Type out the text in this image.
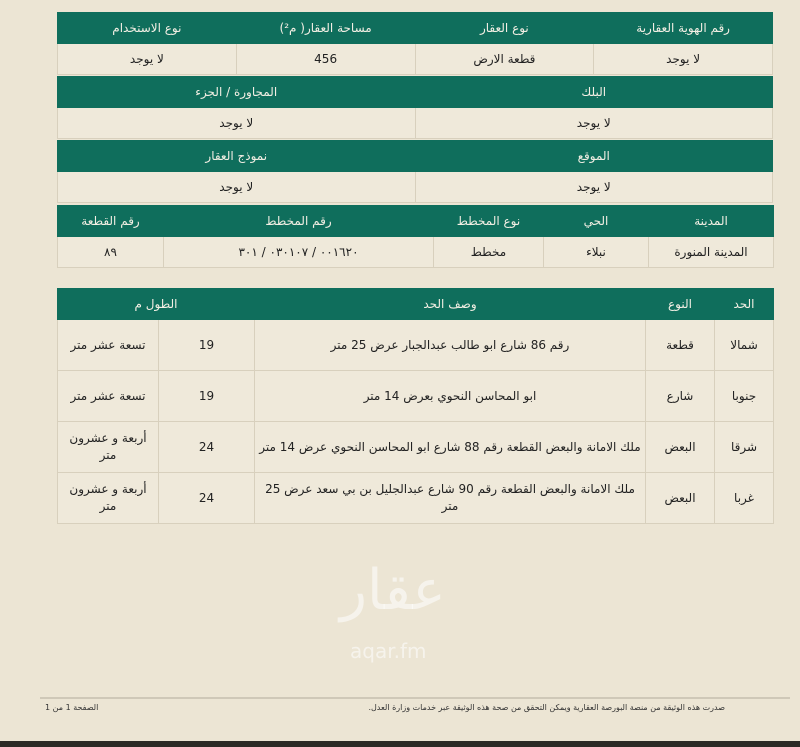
رقم الهوية العقارية	نوع العقار	مساحة العقار( م²)	نوع الاستخدام
لا يوجد	قطعة الارض	456	لا يوجد
البلك	المجاورة / الجزء
لا يوجد	لا يوجد
الموقع	نموذج العقار
لا يوجد	لا يوجد
المدينة	الحي	نوع المخطط	رقم المخطط	رقم القطعة
المدينة المنورة	نبلاء	مخطط	٠٠١٦٢٠ / ٠٣٠١٠٧ / ٣٠١	٨٩
الحد	النوع	وصف الحد	الطول م	
شمالا	قطعة	رقم 86 شارع ابو طالب عبدالجبار عرض 25 متر	19	تسعة عشر متر
جنوبا	شارع	ابو المحاسن النحوي بعرض 14 متر	19	تسعة عشر متر
شرقا	البعض	ملك الامانة والبعض القطعة رقم 88 شارع ابو المحاسن النحوي عرض 14 متر	24	أربعة و عشرون متر
غربا	البعض	ملك الامانة والبعض القطعة رقم 90 شارع عبدالجليل بن بي سعد عرض 25 متر	24	أربعة و عشرون متر
عقار
aqar.fm
صدرت هذه الوثيقة من منصة البورصة العقارية ويمكن التحقق من صحة هذه الوثيقة عبر خدمات وزارة العدل.
الصفحة 1 من 1
